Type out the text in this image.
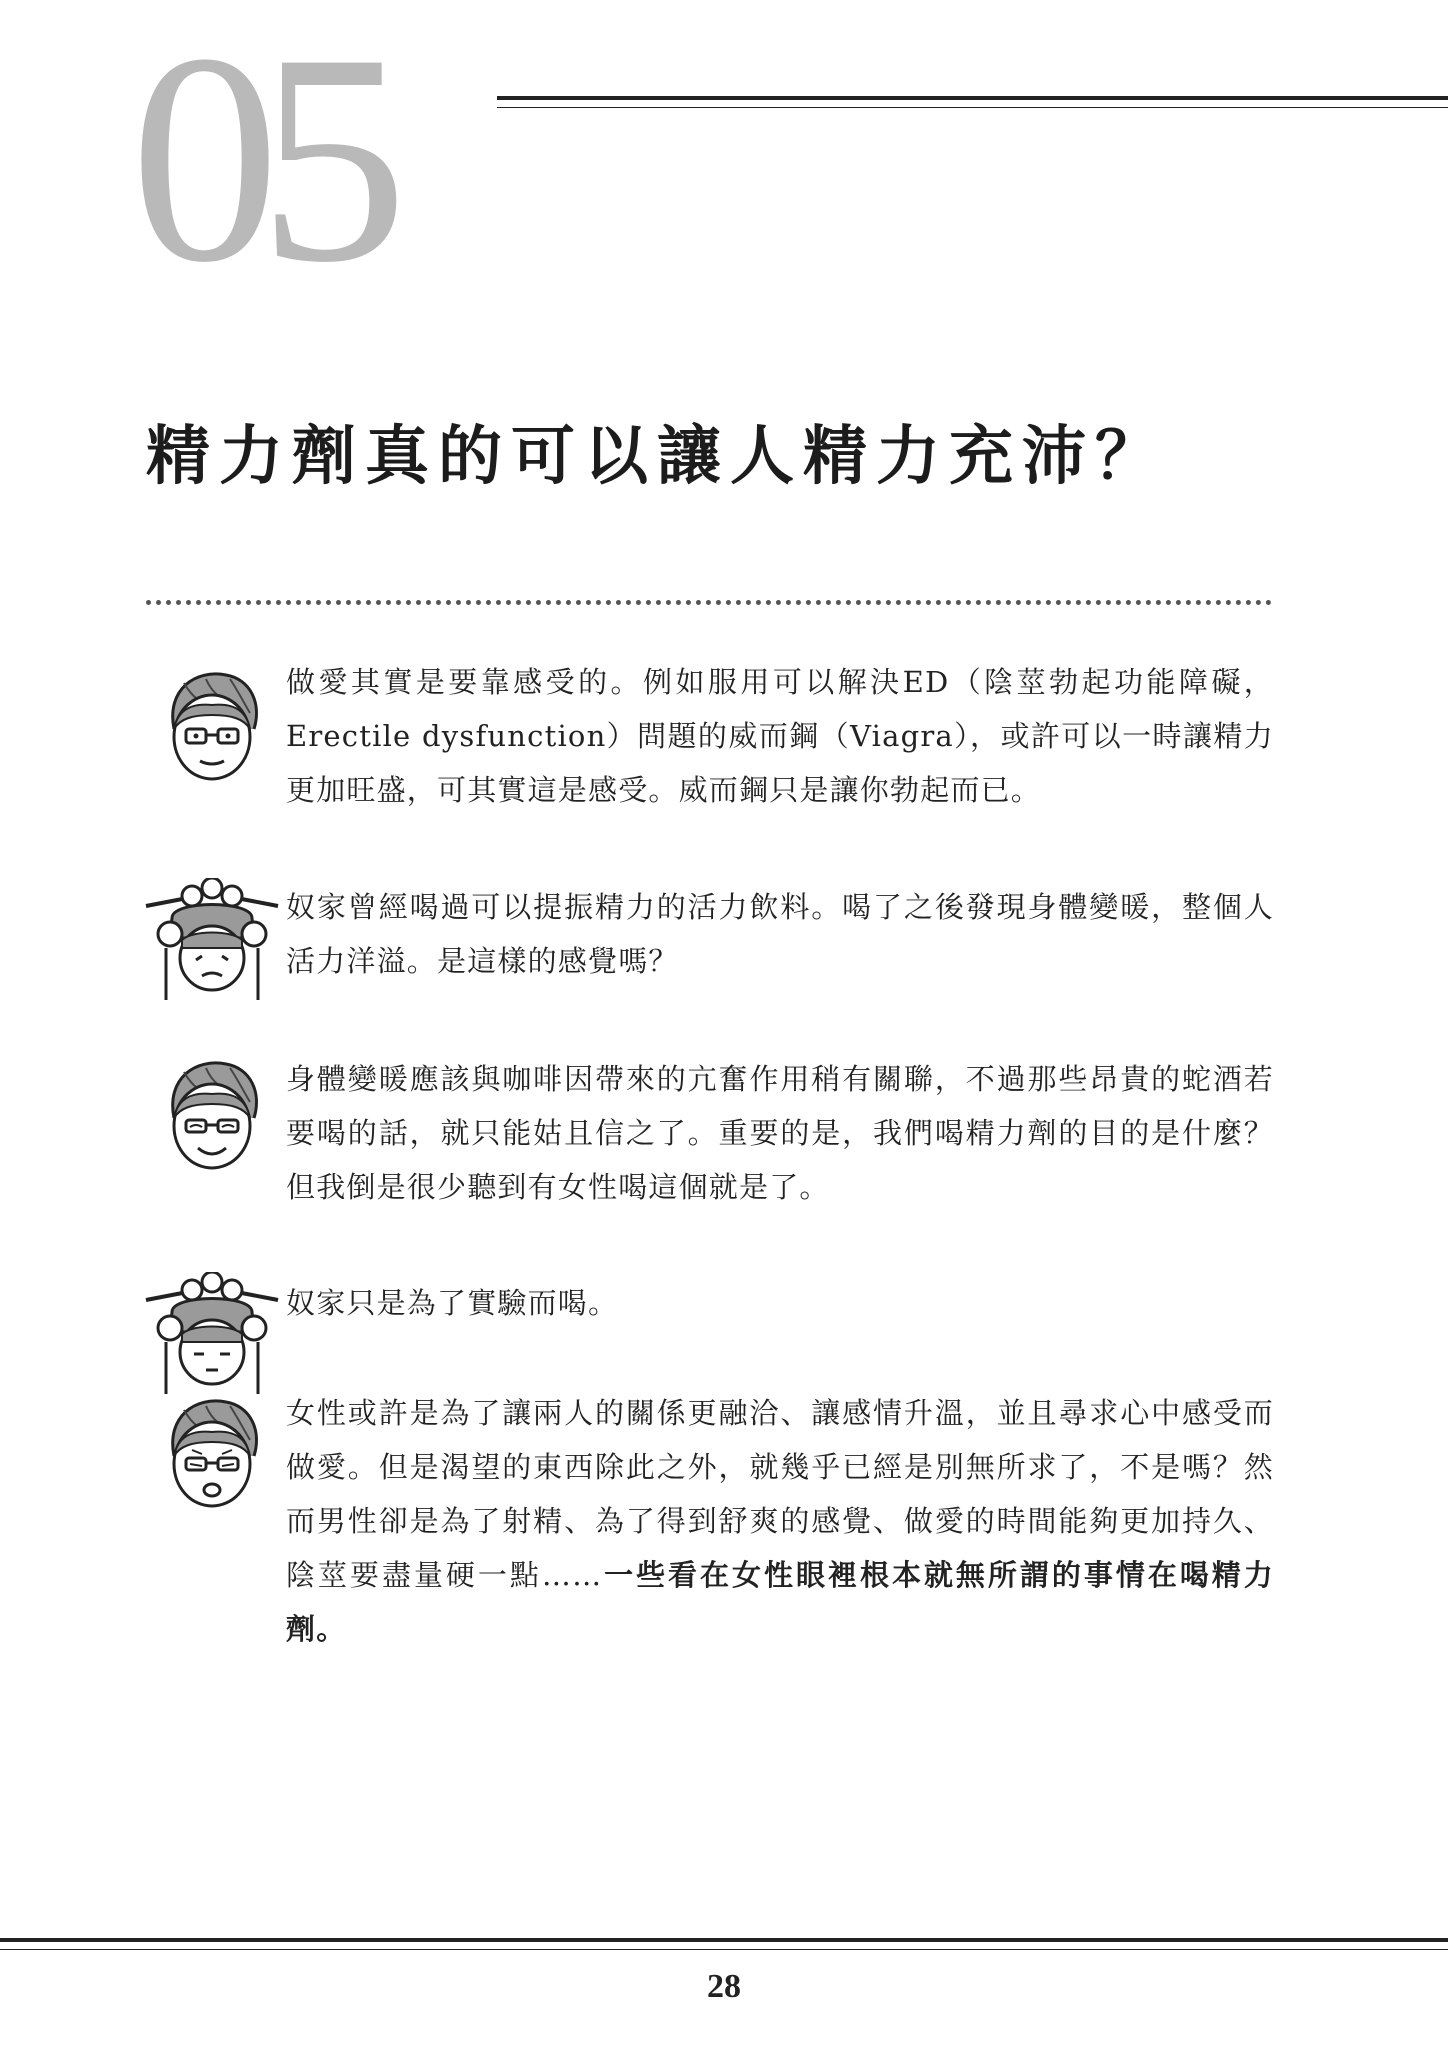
05
精力劑真的可以讓人精力充沛？

做愛其實是要靠感受的。例如服用可以解決ED（陰莖勃起功能障礙，Erectile dysfunction）問題的威而鋼（Viagra），或許可以一時讓精力更加旺盛，可其實這是感受。威而鋼只是讓你勃起而已。

奴家曾經喝過可以提振精力的活力飲料。喝了之後發現身體變暖，整個人活力洋溢。是這樣的感覺嗎？

身體變暖應該與咖啡因帶來的亢奮作用稍有關聯，不過那些昂貴的蛇酒若要喝的話，就只能姑且信之了。重要的是，我們喝精力劑的目的是什麼？但我倒是很少聽到有女性喝這個就是了。

奴家只是為了實驗而喝。

女性或許是為了讓兩人的關係更融洽、讓感情升溫，並且尋求心中感受而做愛。但是渴望的東西除此之外，就幾乎已經是別無所求了，不是嗎？然而男性卻是為了射精、為了得到舒爽的感覺、做愛的時間能夠更加持久、陰莖要盡量硬一點……一些看在女性眼裡根本就無所謂的事情在喝精力劑。

28
